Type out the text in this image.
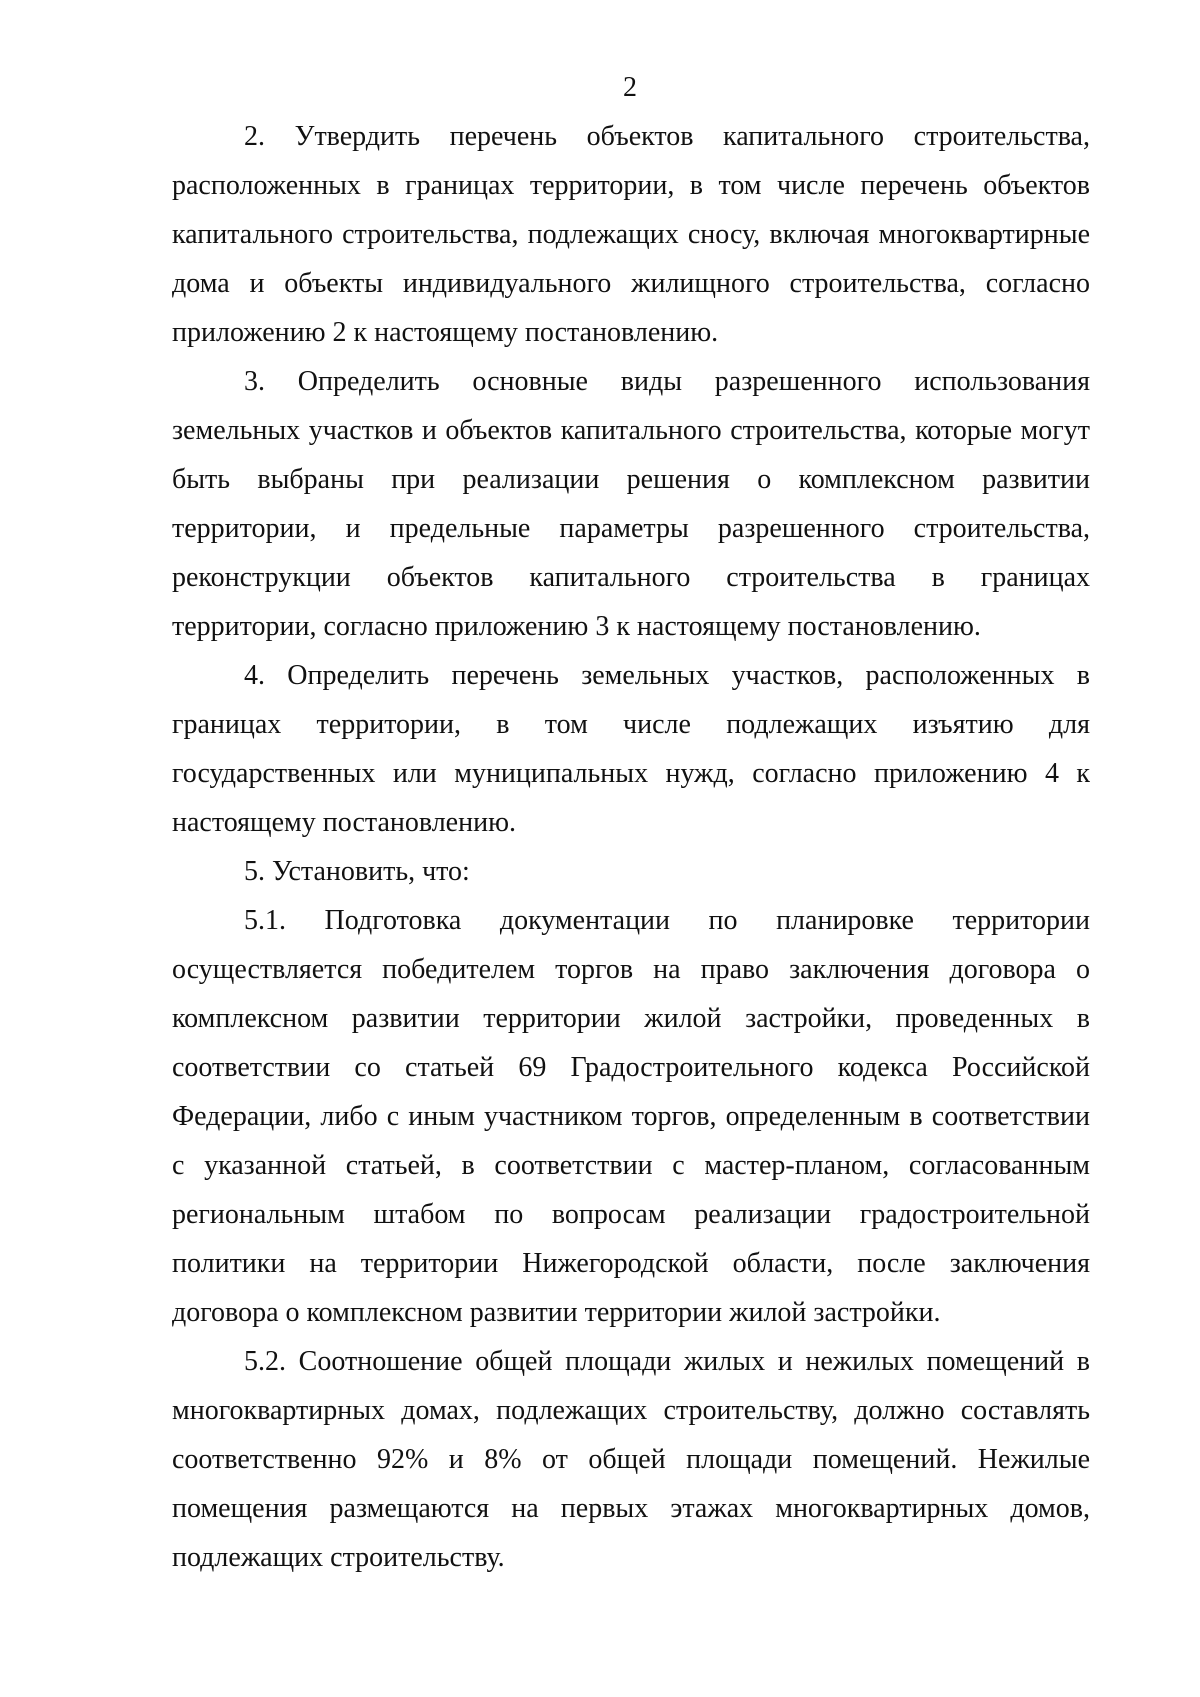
2

2. Утвердить перечень объектов капитального строительства, расположенных в границах территории, в том числе перечень объектов капитального строительства, подлежащих сносу, включая многоквартирные дома и объекты индивидуального жилищного строительства, согласно приложению 2 к настоящему постановлению.

3. Определить основные виды разрешенного использования земельных участков и объектов капитального строительства, которые могут быть выбраны при реализации решения о комплексном развитии территории, и предельные параметры разрешенного строительства, реконструкции объектов капитального строительства в границах территории, согласно приложению 3 к настоящему постановлению.

4. Определить перечень земельных участков, расположенных в границах территории, в том числе подлежащих изъятию для государственных или муниципальных нужд, согласно приложению 4 к настоящему постановлению.

5. Установить, что:

5.1. Подготовка документации по планировке территории осуществляется победителем торгов на право заключения договора о комплексном развитии территории жилой застройки, проведенных в соответствии со статьей 69 Градостроительного кодекса Российской Федерации, либо с иным участником торгов, определенным в соответствии с указанной статьей, в соответствии с мастер-планом, согласованным региональным штабом по вопросам реализации градостроительной политики на территории Нижегородской области, после заключения договора о комплексном развитии территории жилой застройки.

5.2. Соотношение общей площади жилых и нежилых помещений в многоквартирных домах, подлежащих строительству, должно составлять соответственно 92% и 8% от общей площади помещений. Нежилые помещения размещаются на первых этажах многоквартирных домов, подлежащих строительству.
